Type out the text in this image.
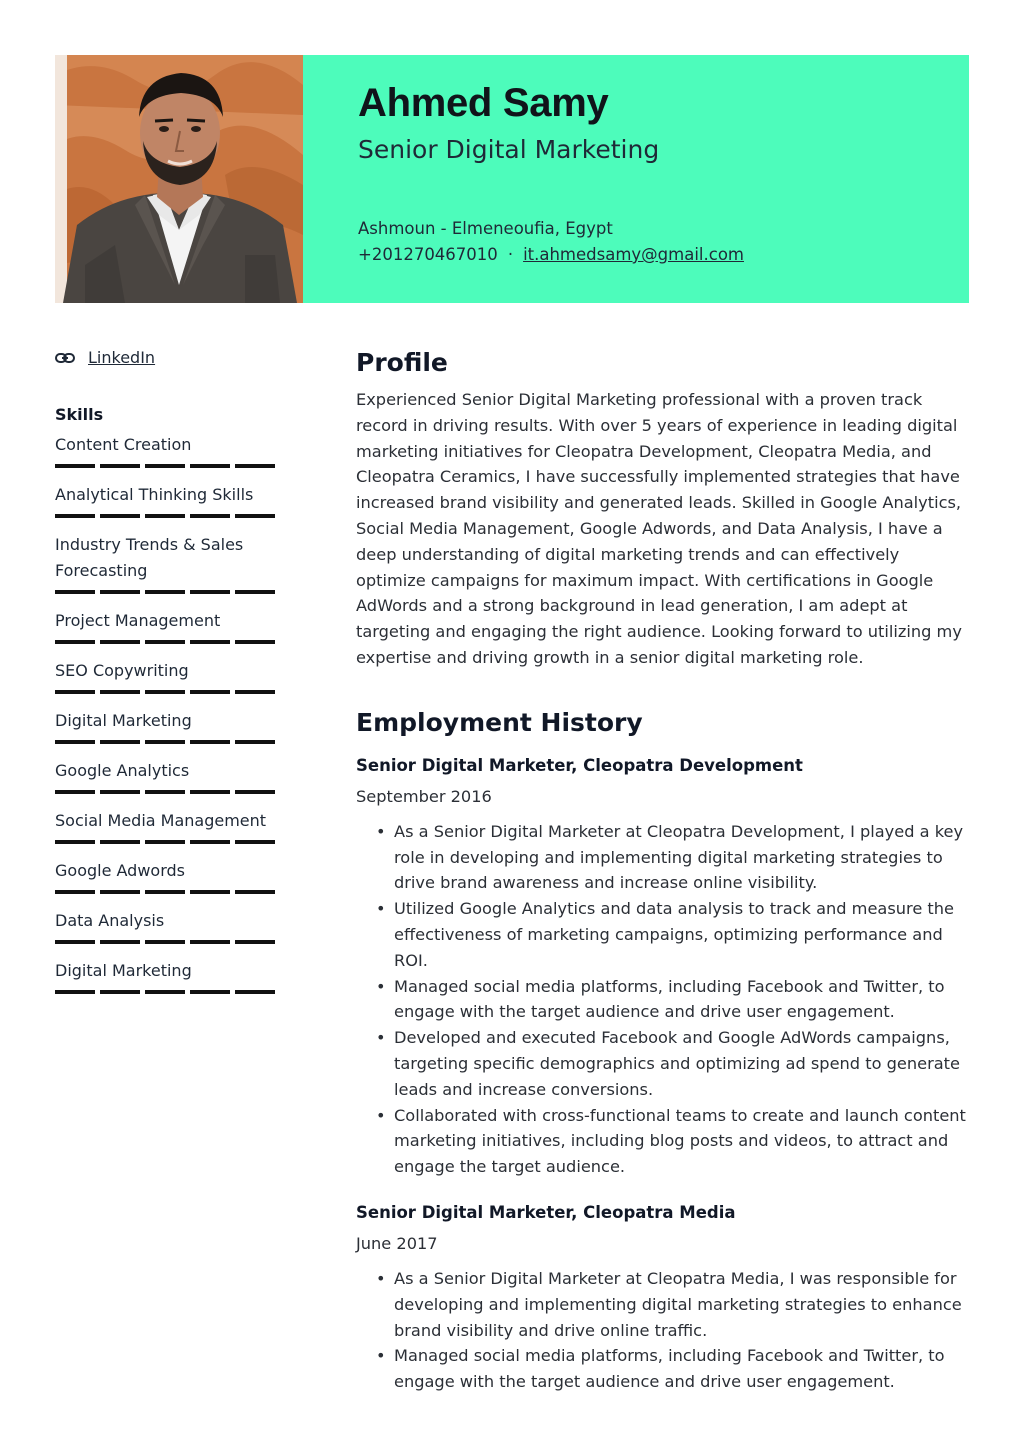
Ahmed Samy
Senior Digital Marketing
Ashmoun - Elmeneoufia, Egypt
+201270467010 · it.ahmedsamy@gmail.com
LinkedIn
Skills
Content Creation
Analytical Thinking Skills
Industry Trends & Sales Forecasting
Project Management
SEO Copywriting
Digital Marketing
Google Analytics
Social Media Management
Google Adwords
Data Analysis
Digital Marketing
Profile
Experienced Senior Digital Marketing professional with a proven track record in driving results. With over 5 years of experience in leading digital marketing initiatives for Cleopatra Development, Cleopatra Media, and Cleopatra Ceramics, I have successfully implemented strategies that have increased brand visibility and generated leads. Skilled in Google Analytics, Social Media Management, Google Adwords, and Data Analysis, I have a deep understanding of digital marketing trends and can effectively optimize campaigns for maximum impact. With certifications in Google AdWords and a strong background in lead generation, I am adept at targeting and engaging the right audience. Looking forward to utilizing my expertise and driving growth in a senior digital marketing role.
Employment History
Senior Digital Marketer, Cleopatra Development
September 2016
• As a Senior Digital Marketer at Cleopatra Development, I played a key role in developing and implementing digital marketing strategies to drive brand awareness and increase online visibility.
• Utilized Google Analytics and data analysis to track and measure the effectiveness of marketing campaigns, optimizing performance and ROI.
• Managed social media platforms, including Facebook and Twitter, to engage with the target audience and drive user engagement.
• Developed and executed Facebook and Google AdWords campaigns, targeting specific demographics and optimizing ad spend to generate leads and increase conversions.
• Collaborated with cross-functional teams to create and launch content marketing initiatives, including blog posts and videos, to attract and engage the target audience.
Senior Digital Marketer, Cleopatra Media
June 2017
• As a Senior Digital Marketer at Cleopatra Media, I was responsible for developing and implementing digital marketing strategies to enhance brand visibility and drive online traffic.
• Managed social media platforms, including Facebook and Twitter, to engage with the target audience and drive user engagement.
